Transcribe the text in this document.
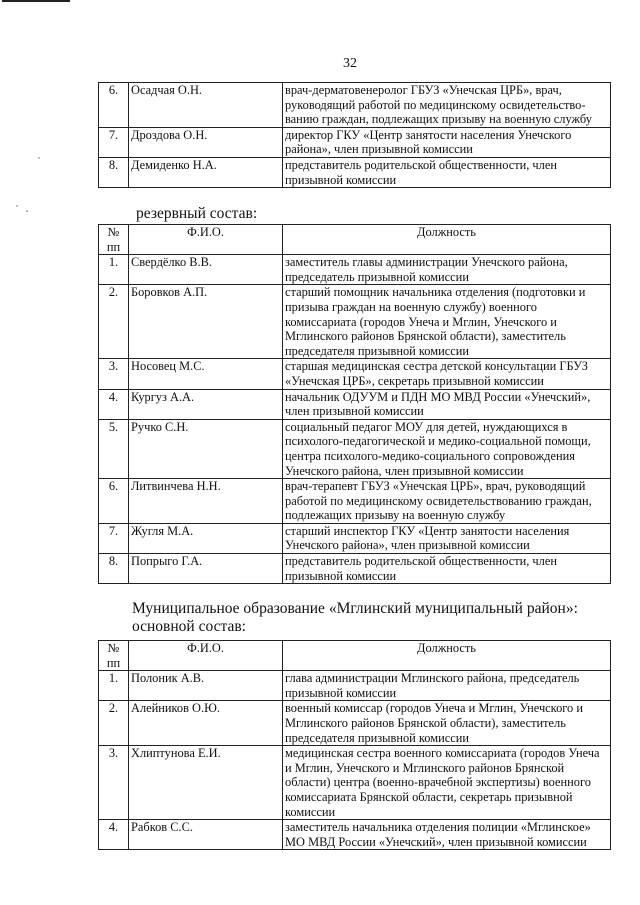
32
6.	Осадчая О.Н.	врач-дерматовенеролог ГБУЗ «Унечская ЦРБ», врач, руководящий работой по медицинскому освидетельство-ванию граждан, подлежащих призыву на военную службу
7.	Дроздова О.Н.	директор ГКУ «Центр занятости населения Унечского района», член призывной комиссии
8.	Демиденко Н.А.	представитель родительской общественности, член призывной комиссии
резервный состав:
№ пп	Ф.И.О.	Должность
1.	Свердёлко В.В.	заместитель главы администрации Унечского района, председатель призывной комиссии
2.	Боровков А.П.	старший помощник начальника отделения (подготовки и призыва граждан на военную службу) военного комиссариата (городов Унеча и Мглин, Унечского и Мглинского районов Брянской области), заместитель председателя призывной комиссии
3.	Носовец М.С.	старшая медицинская сестра детской консультации ГБУЗ «Унечская ЦРБ», секретарь призывной комиссии
4.	Кургуз А.А.	начальник ОДУУМ и ПДН МО МВД России «Унечский», член призывной комиссии
5.	Ручко С.Н.	социальный педагог МОУ для детей, нуждающихся в психолого-педагогической и медико-социальной помощи, центра психолого-медико-социального сопровождения Унечского района, член призывной комиссии
6.	Литвинчева Н.Н.	врач-терапевт ГБУЗ «Унечская ЦРБ», врач, руководящий работой по медицинскому освидетельствованию граждан, подлежащих призыву на военную службу
7.	Жугля М.А.	старший инспектор ГКУ «Центр занятости населения Унечского района», член призывной комиссии
8.	Попрыго Г.А.	представитель родительской общественности, член призывной комиссии
Муниципальное образование «Мглинский муниципальный район»:
основной состав:
№ пп	Ф.И.О.	Должность
1.	Полоник А.В.	глава администрации Мглинского района, председатель призывной комиссии
2.	Алейников О.Ю.	военный комиссар (городов Унеча и Мглин, Унечского и Мглинского районов Брянской области), заместитель председателя призывной комиссии
3.	Хлиптунова Е.И.	медицинская сестра военного комиссариата (городов Унеча и Мглин, Унечского и Мглинского районов Брянской области) центра (военно-врачебной экспертизы) военного комиссариата Брянской области, секретарь призывной комиссии
4.	Рабков С.С.	заместитель начальника отделения полиции «Мглинское» МО МВД России «Унечский», член призывной комиссии
